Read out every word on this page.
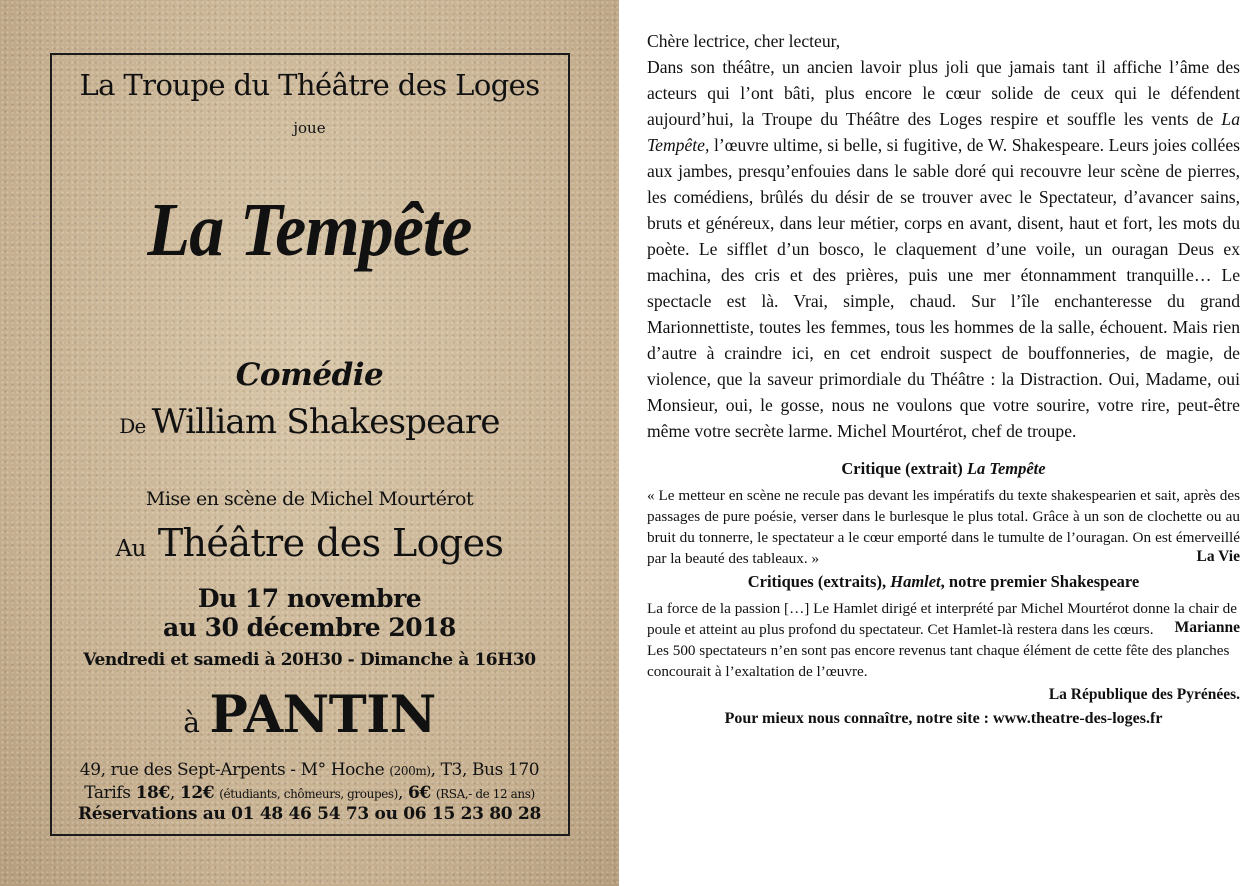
La Troupe du Théâtre des Loges
joue
La Tempête
Comédie
De William Shakespeare
Mise en scène de Michel Mourtérot
Au Théâtre des Loges
Du 17 novembre
au 30 décembre 2018
Vendredi et samedi à 20H30 - Dimanche à 16H30
à PANTIN
49, rue des Sept-Arpents - M° Hoche (200m), T3, Bus 170
Tarifs 18€, 12€ (étudiants, chômeurs, groupes), 6€ (RSA,- de 12 ans)
Réservations au 01 48 46 54 73 ou 06 15 23 80 28

Chère lectrice, cher lecteur,

Dans son théâtre, un ancien lavoir plus joli que jamais tant il affiche l’âme des acteurs qui l’ont bâti, plus encore le cœur solide de ceux qui le défendent aujourd’hui, la Troupe du Théâtre des Loges respire et souffle les vents de La Tempête, l’œuvre ultime, si belle, si fugitive, de W. Shakespeare. Leurs joies collées aux jambes, presqu’enfouies dans le sable doré qui recouvre leur scène de pierres, les comédiens, brûlés du désir de se trouver avec le Spectateur, d’avancer sains, bruts et généreux, dans leur métier, corps en avant, disent, haut et fort, les mots du poète. Le sifflet d’un bosco, le claquement d’une voile, un ouragan Deus ex machina, des cris et des prières, puis une mer étonnamment tranquille… Le spectacle est là. Vrai, simple, chaud. Sur l’île enchanteresse du grand Marionnettiste, toutes les femmes, tous les hommes de la salle, échouent. Mais rien d’autre à craindre ici, en cet endroit suspect de bouffonneries, de magie, de violence, que la saveur primordiale du Théâtre : la Distraction. Oui, Madame, oui Monsieur, oui, le gosse, nous ne voulons que votre sourire, votre rire, peut-être même votre secrète larme. Michel Mourtérot, chef de troupe.

Critique (extrait) La Tempête
« Le metteur en scène ne recule pas devant les impératifs du texte shakespearien et sait, après des passages de pure poésie, verser dans le burlesque le plus total. Grâce à un son de clochette ou au bruit du tonnerre, le spectateur a le cœur emporté dans le tumulte de l’ouragan. On est émerveillé par la beauté des tableaux. »	La Vie
Critiques (extraits), Hamlet, notre premier Shakespeare
La force de la passion […] Le Hamlet dirigé et interprété par Michel Mourtérot donne la chair de poule et atteint au plus profond du spectateur. Cet Hamlet-là restera dans les cœurs.	Marianne
Les 500 spectateurs n’en sont pas encore revenus tant chaque élément de cette fête des planches concourait à l’exaltation de l’œuvre.
La République des Pyrénées.
Pour mieux nous connaître, notre site : www.theatre-des-loges.fr
